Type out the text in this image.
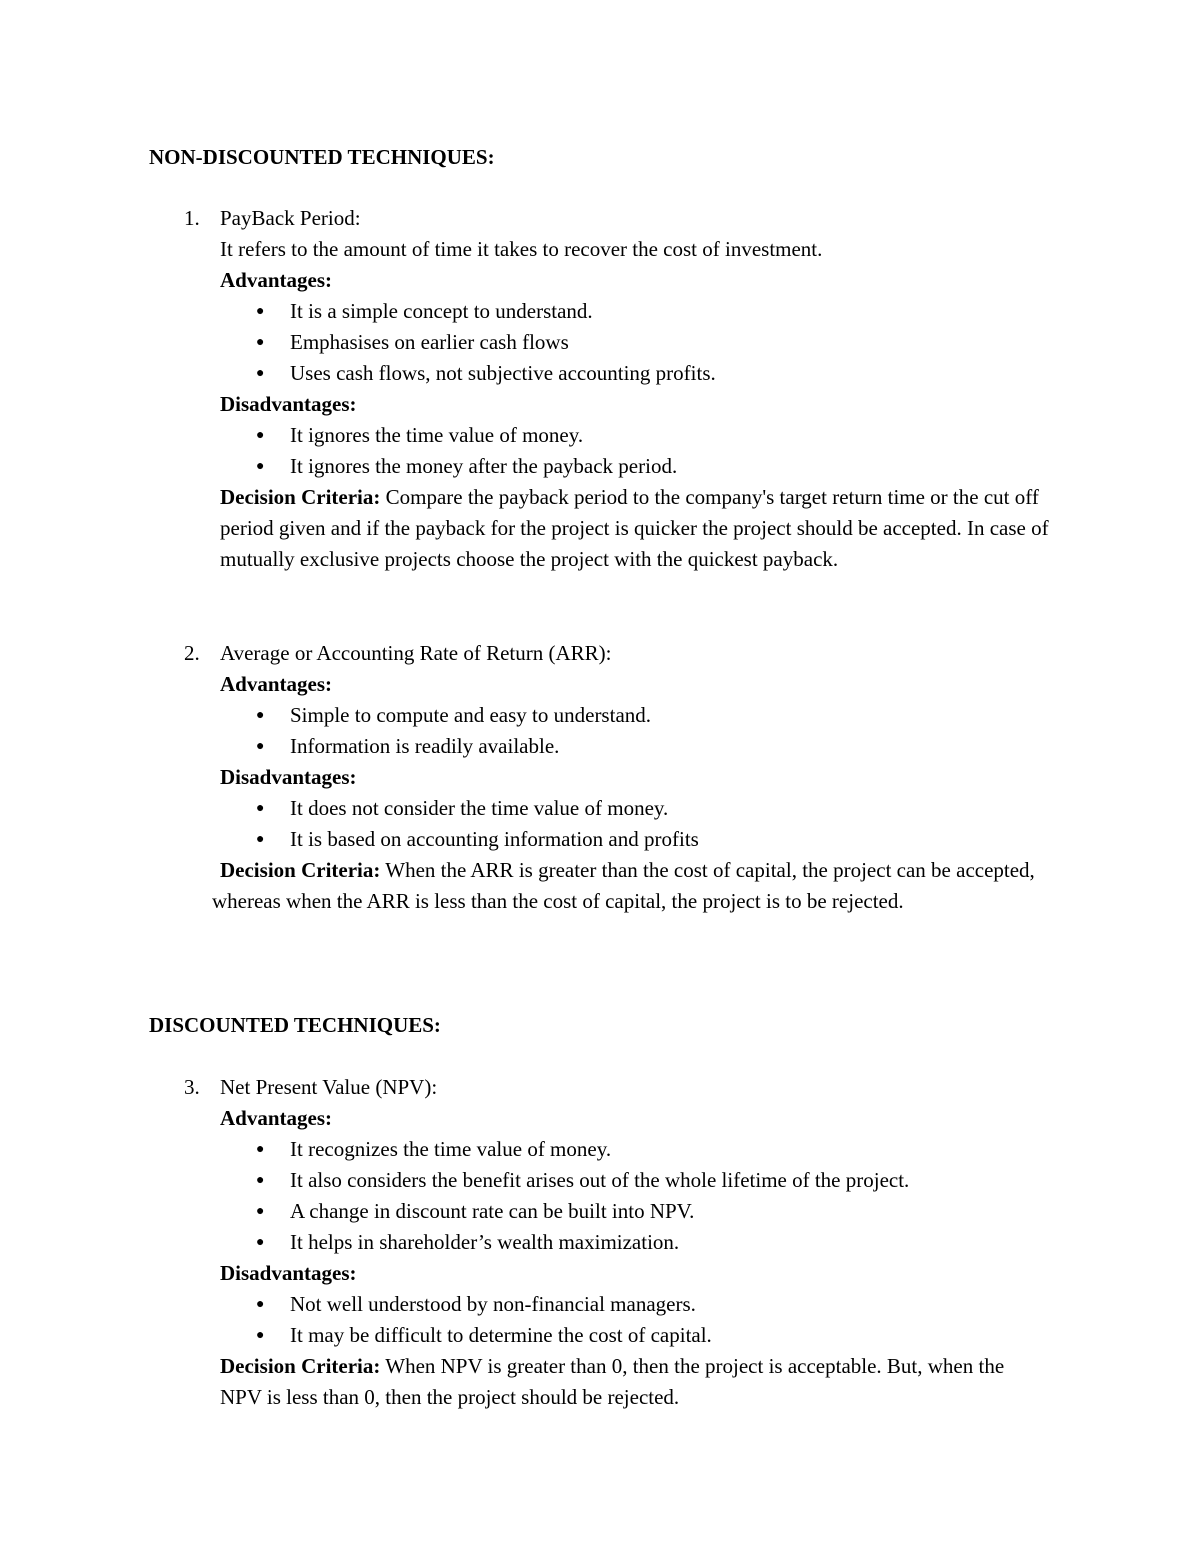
NON-DISCOUNTED TECHNIQUES:

1. PayBack Period:

It refers to the amount of time it takes to recover the cost of investment.

Advantages:

● It is a simple concept to understand.

● Emphasises on earlier cash flows

● Uses cash flows, not subjective accounting profits.

Disadvantages:

● It ignores the time value of money.

● It ignores the money after the payback period.

Decision Criteria: Compare the payback period to the company's target return time or the cut off period given and if the payback for the project is quicker the project should be accepted. In case of mutually exclusive projects choose the project with the quickest payback.

2. Average or Accounting Rate of Return (ARR):

Advantages:

● Simple to compute and easy to understand.

● Information is readily available.

Disadvantages:

● It does not consider the time value of money.

● It is based on accounting information and profits

Decision Criteria: When the ARR is greater than the cost of capital, the project can be accepted, whereas when the ARR is less than the cost of capital, the project is to be rejected.

DISCOUNTED TECHNIQUES:

3. Net Present Value (NPV):

Advantages:

● It recognizes the time value of money.

● It also considers the benefit arises out of the whole lifetime of the project.

● A change in discount rate can be built into NPV.

● It helps in shareholder’s wealth maximization.

Disadvantages:

● Not well understood by non-financial managers.

● It may be difficult to determine the cost of capital.

Decision Criteria: When NPV is greater than 0, then the project is acceptable. But, when the NPV is less than 0, then the project should be rejected.
